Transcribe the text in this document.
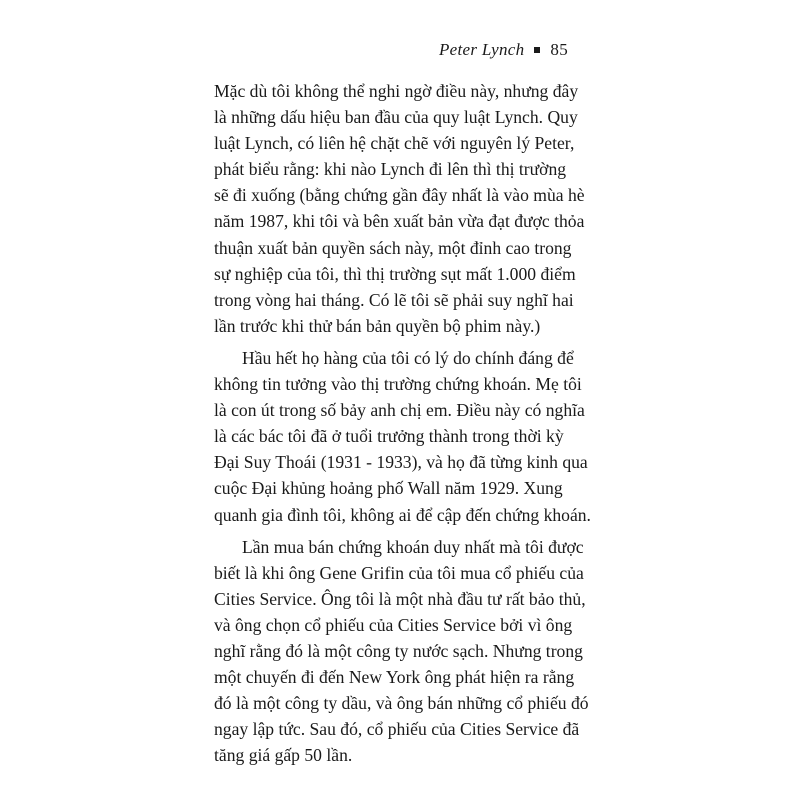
Peter Lynch 85

Mặc dù tôi không thể nghi ngờ điều này, nhưng đây
là những dấu hiệu ban đầu của quy luật Lynch. Quy
luật Lynch, có liên hệ chặt chẽ với nguyên lý Peter,
phát biểu rằng: khi nào Lynch đi lên thì thị trường
sẽ đi xuống (bằng chứng gần đây nhất là vào mùa hè
năm 1987, khi tôi và bên xuất bản vừa đạt được thỏa
thuận xuất bản quyền sách này, một đỉnh cao trong
sự nghiệp của tôi, thì thị trường sụt mất 1.000 điểm
trong vòng hai tháng. Có lẽ tôi sẽ phải suy nghĩ hai
lần trước khi thử bán bản quyền bộ phim này.)

Hầu hết họ hàng của tôi có lý do chính đáng để
không tin tưởng vào thị trường chứng khoán. Mẹ tôi
là con út trong số bảy anh chị em. Điều này có nghĩa
là các bác tôi đã ở tuổi trưởng thành trong thời kỳ
Đại Suy Thoái (1931 - 1933), và họ đã từng kinh qua
cuộc Đại khủng hoảng phố Wall năm 1929. Xung
quanh gia đình tôi, không ai để cập đến chứng khoán.

Lần mua bán chứng khoán duy nhất mà tôi được
biết là khi ông Gene Grifin của tôi mua cổ phiếu của
Cities Service. Ông tôi là một nhà đầu tư rất bảo thủ,
và ông chọn cổ phiếu của Cities Service bởi vì ông
nghĩ rằng đó là một công ty nước sạch. Nhưng trong
một chuyến đi đến New York ông phát hiện ra rằng
đó là một công ty dầu, và ông bán những cổ phiếu đó
ngay lập tức. Sau đó, cổ phiếu của Cities Service đã
tăng giá gấp 50 lần.
